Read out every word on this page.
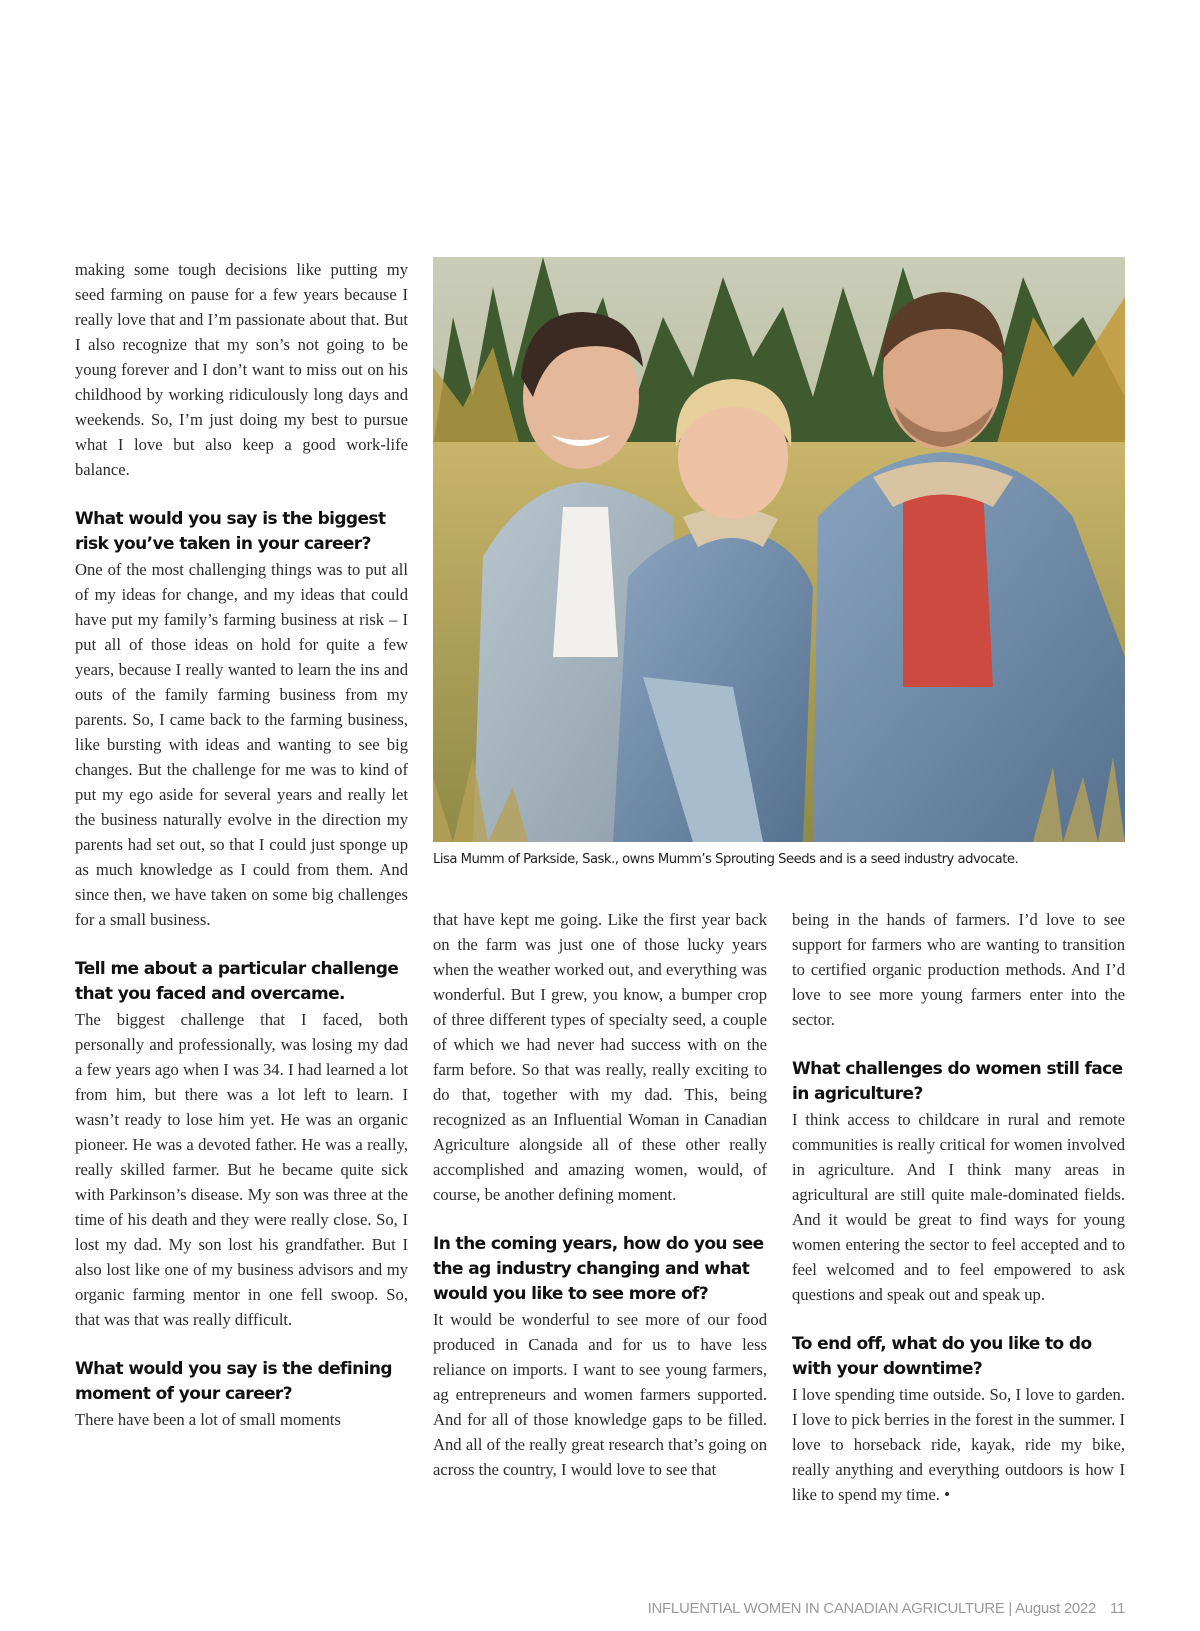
making some tough decisions like putting my seed farming on pause for a few years because I really love that and I’m passionate about that. But I also recognize that my son’s not going to be young forever and I don’t want to miss out on his childhood by working ridiculously long days and weekends. So, I’m just doing my best to pursue what I love but also keep a good work-life balance.

What would you say is the biggest risk you’ve taken in your career?

One of the most challenging things was to put all of my ideas for change, and my ideas that could have put my family’s farming business at risk – I put all of those ideas on hold for quite a few years, because I really wanted to learn the ins and outs of the family farming business from my parents. So, I came back to the farming business, like bursting with ideas and wanting to see big changes. But the challenge for me was to kind of put my ego aside for several years and really let the business naturally evolve in the direction my parents had set out, so that I could just sponge up as much knowledge as I could from them. And since then, we have taken on some big challenges for a small business.

Tell me about a particular challenge that you faced and overcame.

The biggest challenge that I faced, both personally and professionally, was losing my dad a few years ago when I was 34. I had learned a lot from him, but there was a lot left to learn. I wasn’t ready to lose him yet. He was an organic pioneer. He was a devoted father. He was a really, really skilled farmer. But he became quite sick with Parkinson’s disease. My son was three at the time of his death and they were really close. So, I lost my dad. My son lost his grandfather. But I also lost like one of my business advisors and my organic farming mentor in one fell swoop. So, that was that was really difficult.

What would you say is the defining moment of your career?

There have been a lot of small moments

Lisa Mumm of Parkside, Sask., owns Mumm’s Sprouting Seeds and is a seed industry advocate.

that have kept me going. Like the first year back on the farm was just one of those lucky years when the weather worked out, and everything was wonderful. But I grew, you know, a bumper crop of three different types of specialty seed, a couple of which we had never had success with on the farm before. So that was really, really exciting to do that, together with my dad. This, being recognized as an Influential Woman in Canadian Agriculture alongside all of these other really accomplished and amazing women, would, of course, be another defining moment.

In the coming years, how do you see the ag industry changing and what would you like to see more of?

It would be wonderful to see more of our food produced in Canada and for us to have less reliance on imports. I want to see young farmers, ag entrepreneurs and women farmers supported. And for all of those knowledge gaps to be filled. And all of the really great research that’s going on across the country, I would love to see that

being in the hands of farmers. I’d love to see support for farmers who are wanting to transition to certified organic production methods. And I’d love to see more young farmers enter into the sector.

What challenges do women still face in agriculture?

I think access to childcare in rural and remote communities is really critical for women involved in agriculture. And I think many areas in agricultural are still quite male-dominated fields. And it would be great to find ways for young women entering the sector to feel accepted and to feel welcomed and to feel empowered to ask questions and speak out and speak up.

To end off, what do you like to do with your downtime?

I love spending time outside. So, I love to garden. I love to pick berries in the forest in the summer. I love to horseback ride, kayak, ride my bike, really anything and everything outdoors is how I like to spend my time. •

INFLUENTIAL WOMEN IN CANADIAN AGRICULTURE | August 2022 11
